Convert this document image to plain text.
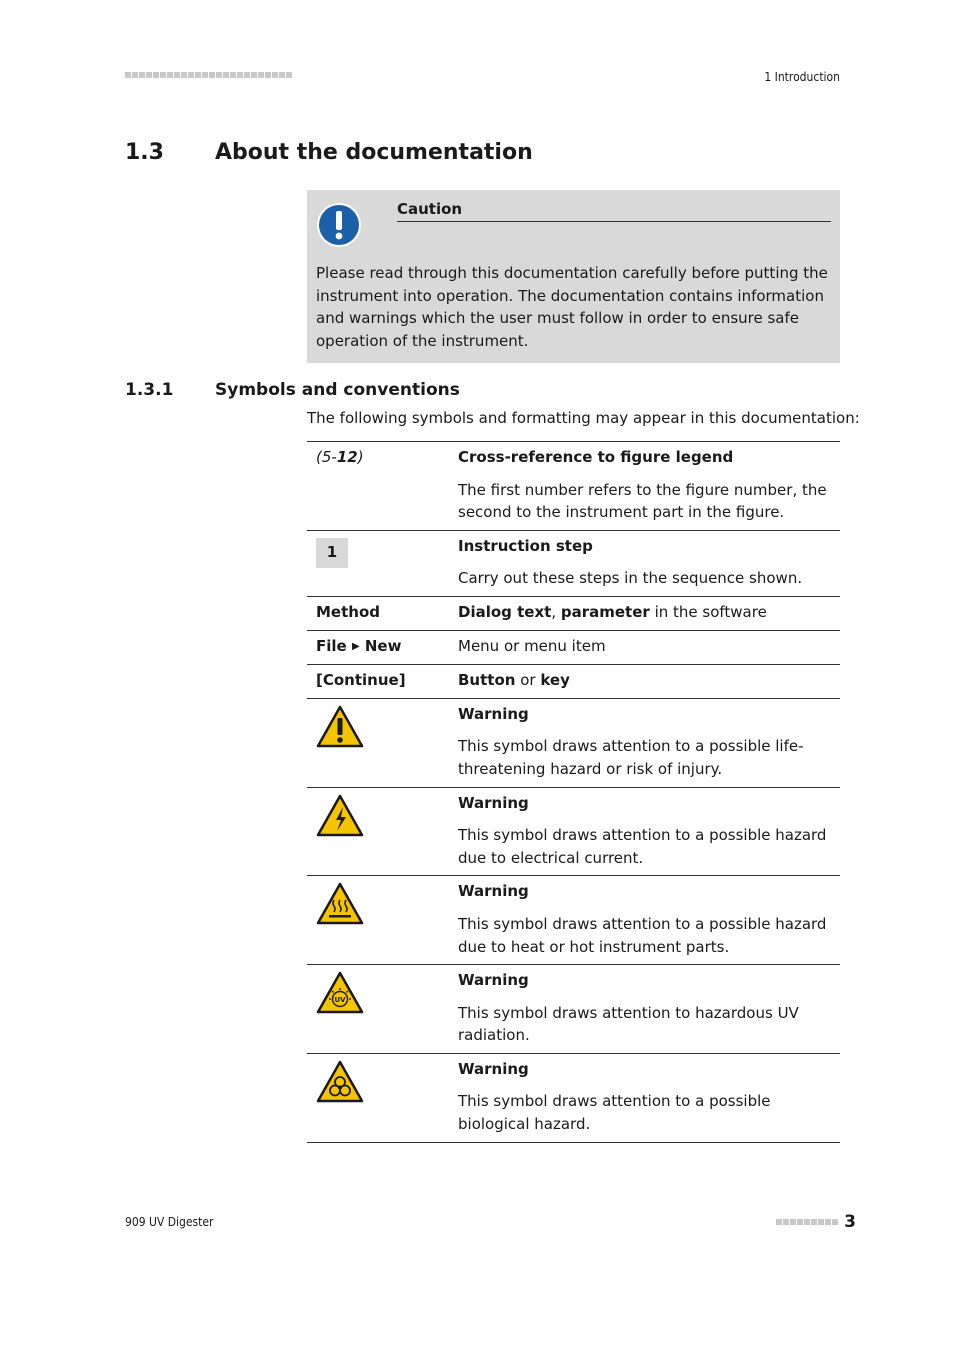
1 Introduction
1.3 About the documentation
Caution
Please read through this documentation carefully before putting the instrument into operation. The documentation contains information and warnings which the user must follow in order to ensure safe operation of the instrument.
1.3.1 Symbols and conventions
The following symbols and formatting may appear in this documentation:
(5-12)	Cross-reference to figure legend
The first number refers to the figure number, the second to the instrument part in the figure.

1	Instruction step
Carry out these steps in the sequence shown.

Method	Dialog text, parameter in the software
File ▶ New	Menu or menu item
[Continue]	Button or key

Warning
This symbol draws attention to a possible life-threatening hazard or risk of injury.

Warning
This symbol draws attention to a possible hazard due to electrical current.

Warning
This symbol draws attention to a possible hazard due to heat or hot instrument parts.

UV	Warning
This symbol draws attention to hazardous UV radiation.

Warning
This symbol draws attention to a possible biological hazard.
909 UV Digester	3
